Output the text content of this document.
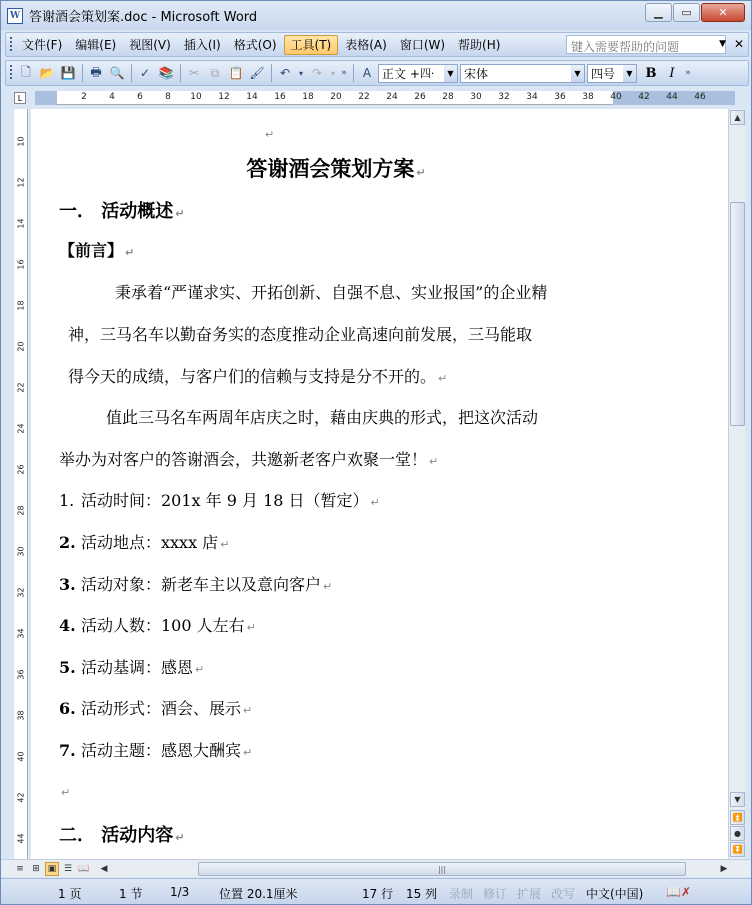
W 答谢酒会策划案.doc - Microsoft Word	▁ ▭ ✕
文件(F)	编辑(E)	视图(V)	插入(I)	格式(O)	工具(T)	表格(A)	窗口(W)	帮助(H)	键入需要帮助的问题	▼ ✕
🗋 📂 💾	🖶 🔍	✓ 📚	✂ ⧉ 📋 🖌	↶	▾ ↷	▾ »	A 正文 + 四·	▼ 宋体	▼ 四号	▼ B I	»
L	2 4 6 8 10 12 14 16 18 20 22 24 26 28 30 32 34 36 38 40 42 44 46
10
12
14
16
18
20
22
24
26
28
30
32
34
36
38
40
42
44
↵
答谢酒会策划方案 ↵
一． 活动概述 ↵
【前言】 ↵
秉承着“严谨求实、开拓创新、自强不息、实业报国”的企业精
神，三马名车以勤奋务实的态度推动企业高速向前发展，三马能取
得今天的成绩，与客户们的信赖与支持是分不开的。 ↵
值此三马名车两周年店庆之时，藉由庆典的形式，把这次活动
举办为对客户的答谢酒会，共邀新老客户欢聚一堂！ ↵
1. 活动时间：201x 年 9 月 18 日（暂定） ↵
2. 活动地点：xxxx 店 ↵
3. 活动对象：新老车主以及意向客户 ↵
4. 活动人数：100 人左右 ↵
5. 活动基调：感恩 ↵
6. 活动形式：酒会、展示 ↵
7. 活动主题：感恩大酬宾 ↵
↵
二． 活动内容 ↵
▲
▼
⏫
●
⏬
≡ ⊞ ▣ ☰ 📖	◀	|||	▶
1 页	1 节 1/3 位置 20.1厘米	17 行 15 列 录制 修订 扩展 改写 中文(中国) 📖✗
